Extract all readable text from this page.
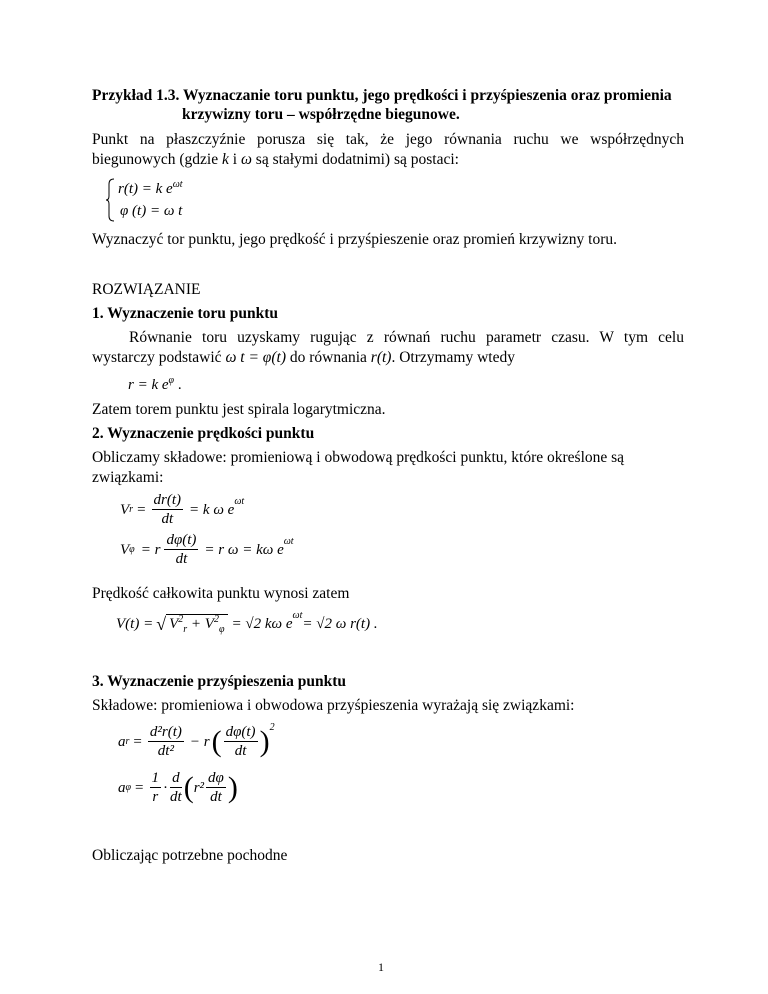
Przykład 1.3. Wyznaczanie toru punktu, jego prędkości i przyśpieszenia oraz promienia
krzywizny toru – współrzędne biegunowe.
Punkt na płaszczyźnie porusza się tak, że jego równania ruchu we współrzędnych
biegunowych (gdzie k i ω są stałymi dodatnimi) są postaci:
r(t) = k $e^{\omega t}$
φ (t) = ω t
Wyznaczyć tor punktu, jego prędkość i przyśpieszenie oraz promień krzywizny toru.
ROZWIĄZANIE
1. Wyznaczenie toru punktu
Równanie toru uzyskamy rugując z równań ruchu parametr czasu. W tym celu
wystarczy podstawić ω t = φ(t) do równania r(t). Otrzymamy wtedy
r = k $e^\varphi$ .
Zatem torem punktu jest spirala logarytmiczna.
2. Wyznaczenie prędkości punktu
Obliczamy składowe: promieniową i obwodową prędkości punktu, które określone są
związkami:
V $r = \frac{dr(t)}{dt} = k$ ω e
$^{\omega t}$
V φ = r $\frac{d\varphi(t)}{dt} = r$ ω = kω e
$^{\omega t}$
Prędkość całkowita punktu wynosi zatem
V(t) = √ $V^2_r + V^2_\varphi = √2$ kω e
$^{\omega t}$
= √2 ω r(t) .
3. Wyznaczenie przyśpieszenia punktu
Składowe: promieniowa i obwodowa przyśpieszenia wyrażają się związkami:
a $r = \frac{\text{d²r(t)}}{\text{dt²}} - r$ ( $\frac{d\varphi(t)}{dt} )^2$
a $\varphi = \frac{1}{r} \cdot \frac{d}{dt}$ ( $r^2 \frac{d\varphi}{dt}$ )
Obliczając potrzebne pochodne
1
